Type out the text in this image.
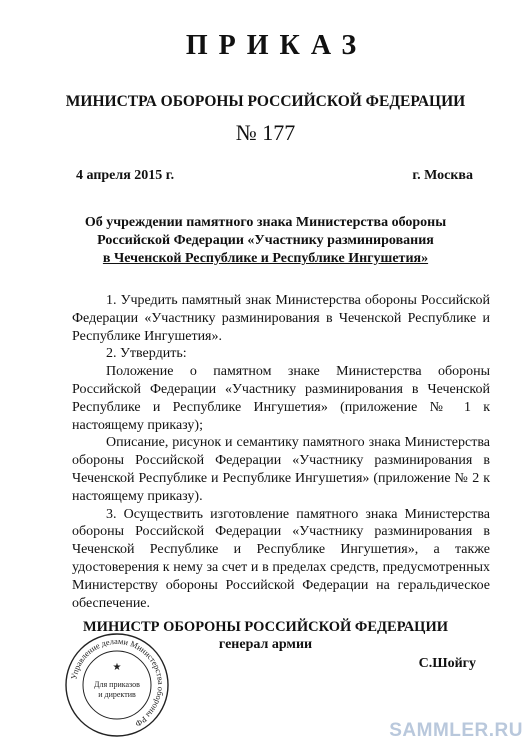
ПРИКАЗ
МИНИСТРА ОБОРОНЫ РОССИЙСКОЙ ФЕДЕРАЦИИ
№ 177
4 апреля 2015 г.	г. Москва
Об учреждении памятного знака Министерства обороны
Российской Федерации «Участнику разминирования
в Чеченской Республике и Республике Ингушетия»

1. Учредить памятный знак Министерства обороны Российской Федерации «Участнику разминирования в Чеченской Республике и Республике Ингушетия».

2. Утвердить:

Положение о памятном знаке Министерства обороны Российской Федерации «Участнику разминирования в Чеченской Республике и Республике Ингушетия» (приложение № 1 к настоящему приказу);

Описание, рисунок и семантику памятного знака Министерства обороны Российской Федерации «Участнику разминирования в Чеченской Республике и Республике Ингушетия» (приложение № 2 к настоящему приказу).

3. Осуществить изготовление памятного знака Министерства обороны Российской Федерации «Участнику разминирования в Чеченской Республике и Республике Ингушетия», а также удостоверения к нему за счет и в пределах средств, предусмотренных Министерству обороны Российской Федерации на геральдическое обеспечение.

МИНИСТР ОБОРОНЫ РОССИЙСКОЙ ФЕДЕРАЦИИ
генерал армии
С.Шойгу
Управление делами Министерства обороны РФ
★
Для приказов
и директив
SAMMLER.RU
